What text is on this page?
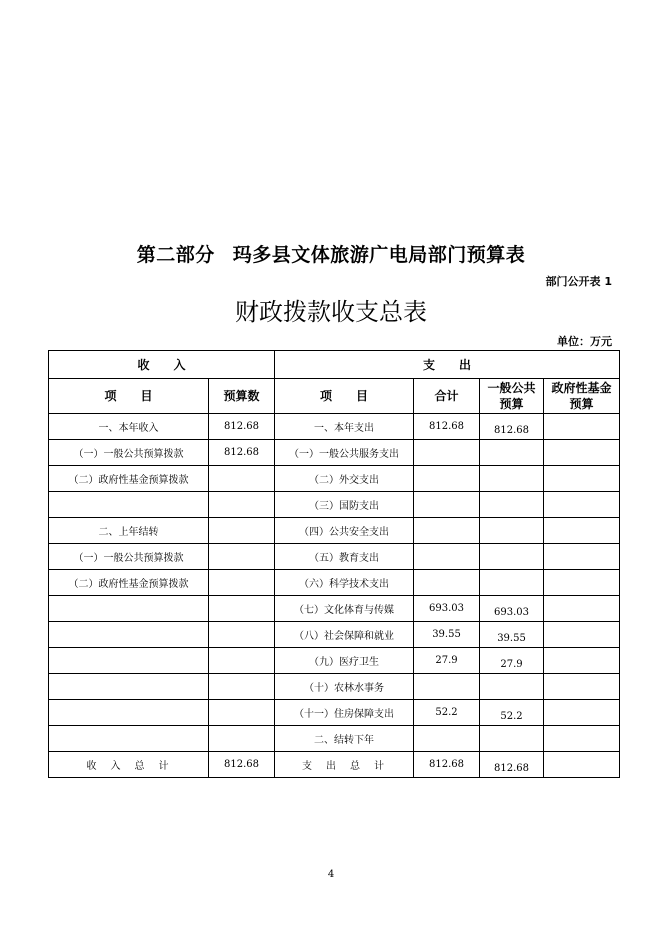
第二部分 玛多县文体旅游广电局部门预算表
部门公开表 1
财政拨款收支总表
单位：万元
收　　入		支　　出			
项　　目	预算数	项　　目	合计	一般公共预算	政府性基金预算
一、本年收入	812.68	一、本年支出	812.68	812.68	
（一）一般公共预算拨款	812.68	（一）一般公共服务支出			
（二）政府性基金预算拨款		（二）外交支出			
		（三）国防支出			
二、上年结转		（四）公共安全支出			
（一）一般公共预算拨款		（五）教育支出			
（二）政府性基金预算拨款		（六）科学技术支出			
		（七）文化体育与传媒	693.03	693.03	
		（八）社会保障和就业	39.55	39.55	
		（九）医疗卫生	27.9	27.9	
		（十）农林水事务			
		（十一）住房保障支出	52.2	52.2	
		二、结转下年			
收　入　总　计	812.68	支　出　总　计	812.68	812.68	
4
